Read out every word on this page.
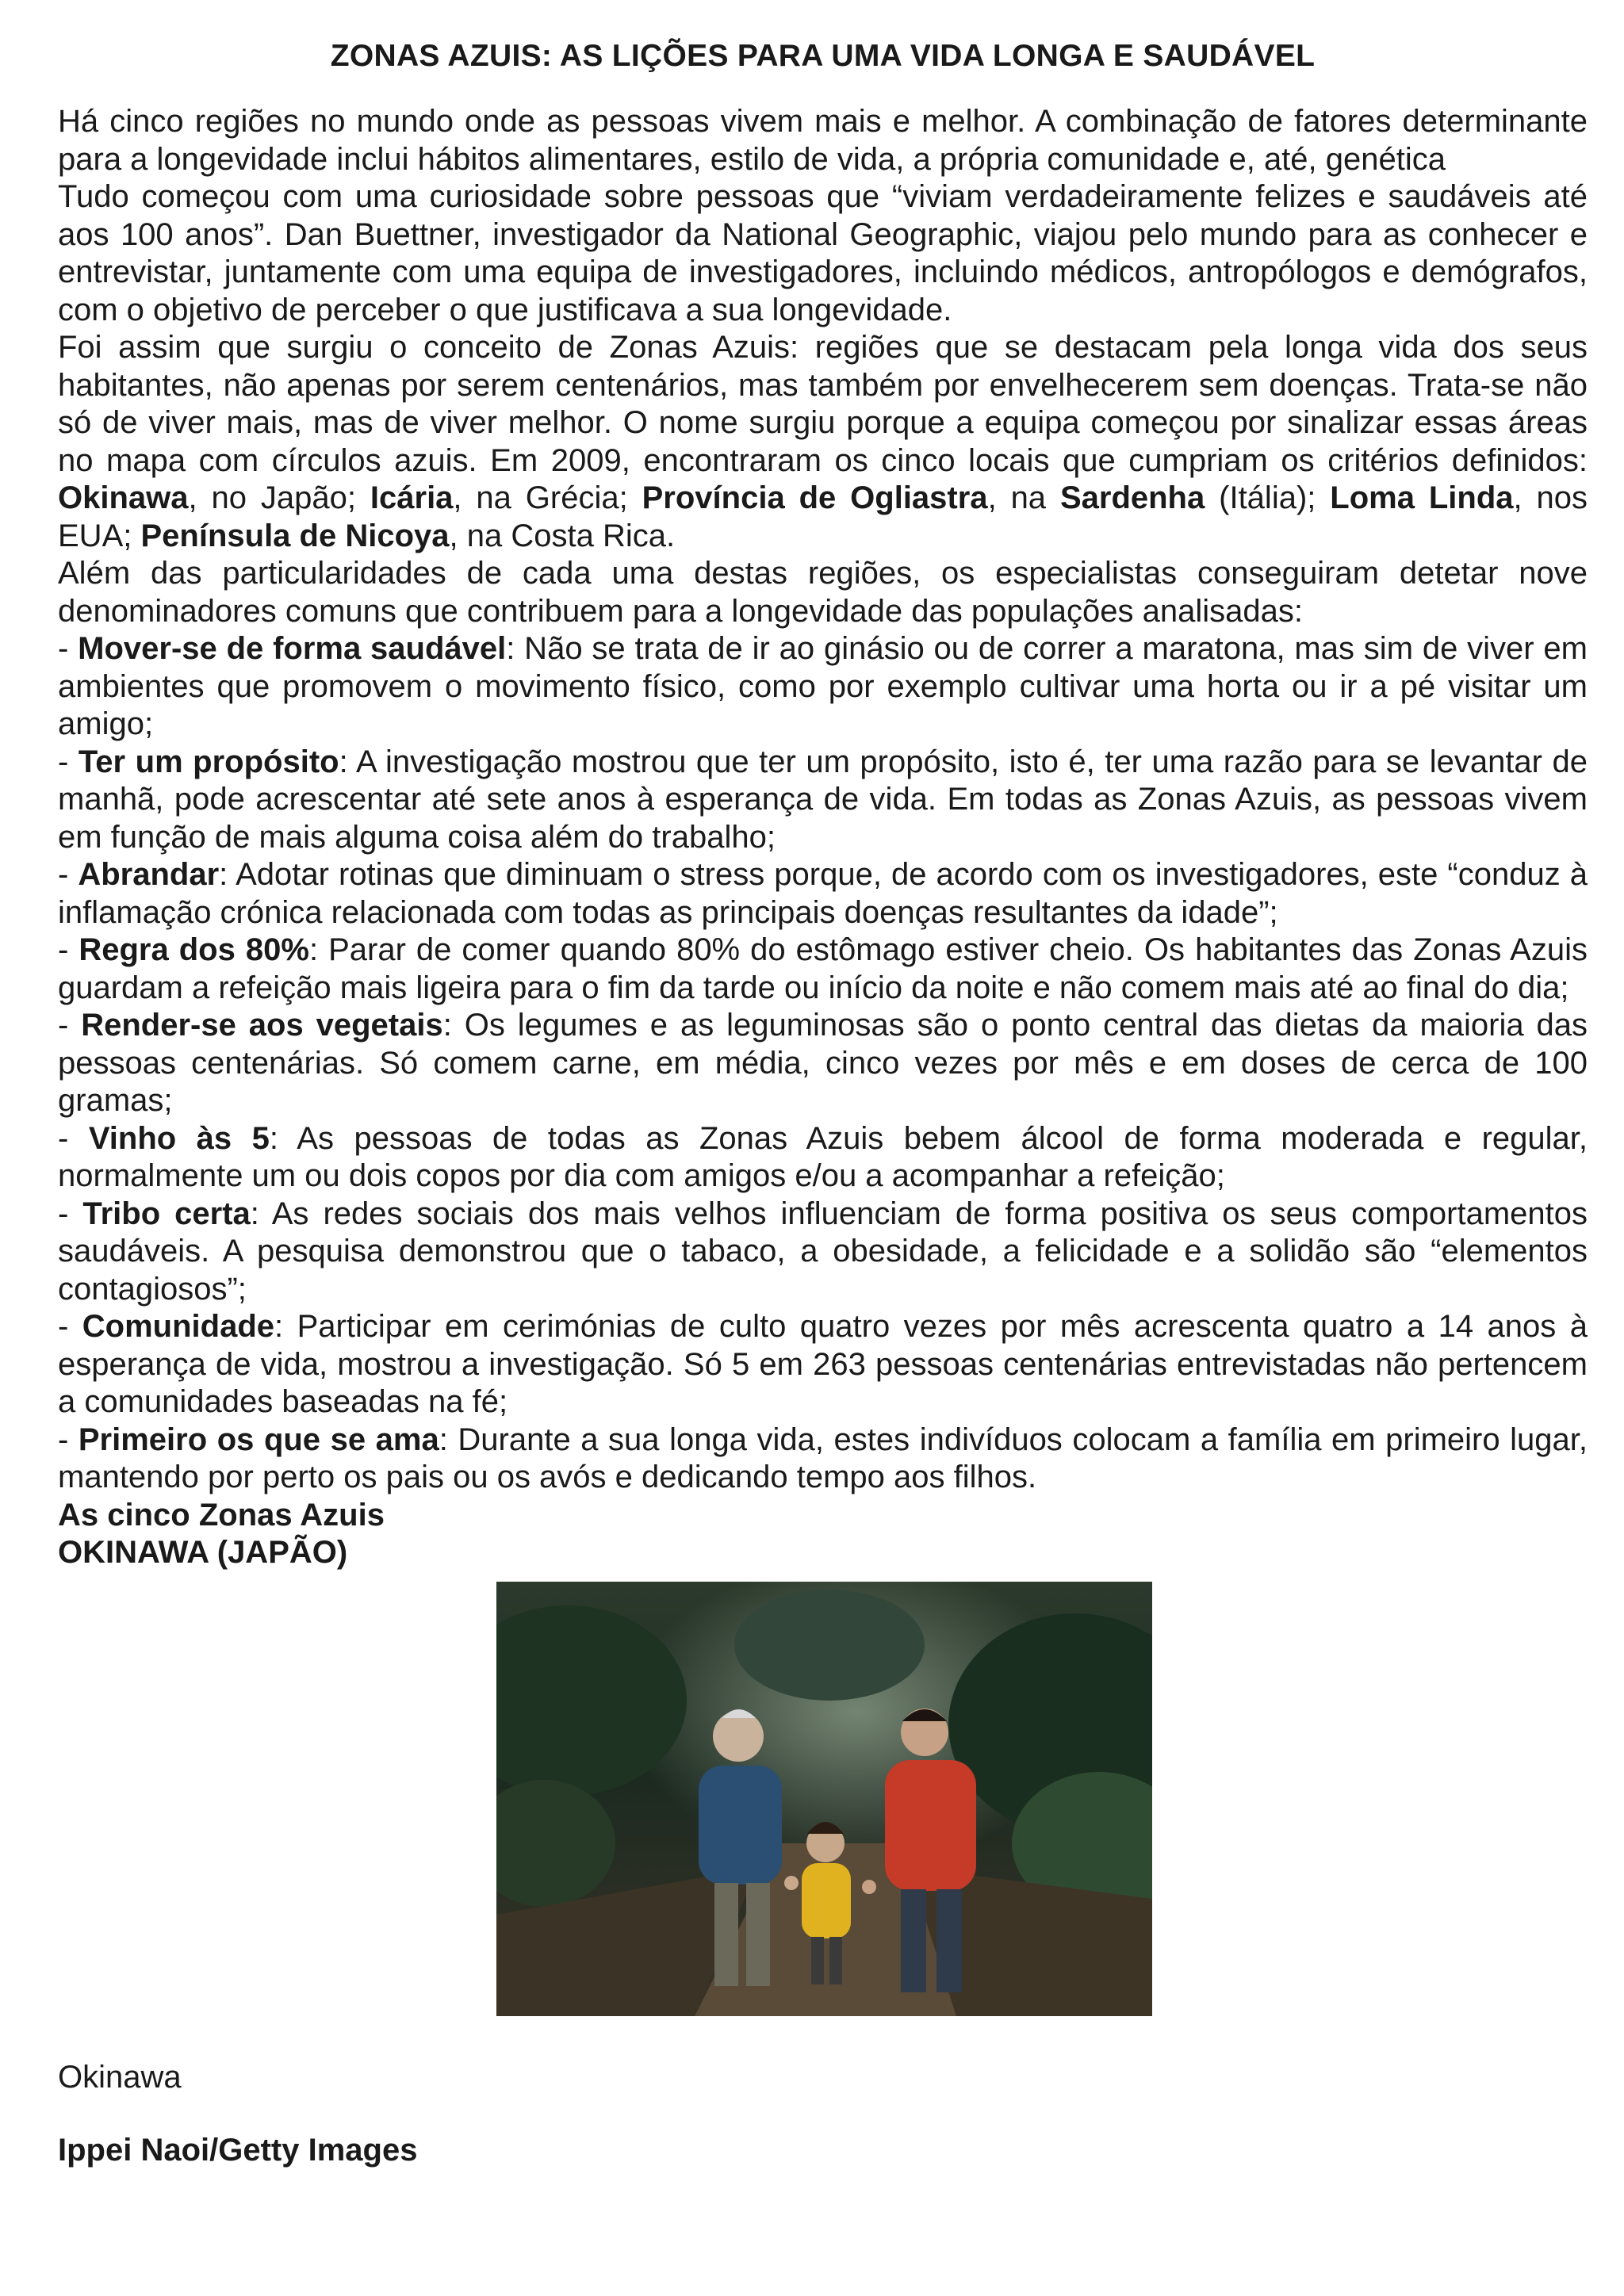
ZONAS AZUIS: AS LIÇÕES PARA UMA VIDA LONGA E SAUDÁVEL

Há cinco regiões no mundo onde as pessoas vivem mais e melhor. A combinação de fatores determinante para a longevidade inclui hábitos alimentares, estilo de vida, a própria comunidade e, até, genética

Tudo começou com uma curiosidade sobre pessoas que “viviam verdadeiramente felizes e saudáveis até aos 100 anos”. Dan Buettner, investigador da National Geographic, viajou pelo mundo para as conhecer e entrevistar, juntamente com uma equipa de investigadores, incluindo médicos, antropólogos e demógrafos, com o objetivo de perceber o que justificava a sua longevidade.

Foi assim que surgiu o conceito de Zonas Azuis: regiões que se destacam pela longa vida dos seus habitantes, não apenas por serem centenários, mas também por envelhecerem sem doenças. Trata-se não só de viver mais, mas de viver melhor. O nome surgiu porque a equipa começou por sinalizar essas áreas no mapa com círculos azuis. Em 2009, encontraram os cinco locais que cumpriam os critérios definidos: Okinawa, no Japão; Icária, na Grécia; Província de Ogliastra, na Sardenha (Itália); Loma Linda, nos EUA; Península de Nicoya, na Costa Rica.

Além das particularidades de cada uma destas regiões, os especialistas conseguiram detetar nove denominadores comuns que contribuem para a longevidade das populações analisadas:

- Mover-se de forma saudável: Não se trata de ir ao ginásio ou de correr a maratona, mas sim de viver em ambientes que promovem o movimento físico, como por exemplo cultivar uma horta ou ir a pé visitar um amigo;

- Ter um propósito: A investigação mostrou que ter um propósito, isto é, ter uma razão para se levantar de manhã, pode acrescentar até sete anos à esperança de vida. Em todas as Zonas Azuis, as pessoas vivem em função de mais alguma coisa além do trabalho;

- Abrandar: Adotar rotinas que diminuam o stress porque, de acordo com os investigadores, este “conduz à inflamação crónica relacionada com todas as principais doenças resultantes da idade”;

- Regra dos 80%: Parar de comer quando 80% do estômago estiver cheio. Os habitantes das Zonas Azuis guardam a refeição mais ligeira para o fim da tarde ou início da noite e não comem mais até ao final do dia;

- Render-se aos vegetais: Os legumes e as leguminosas são o ponto central das dietas da maioria das pessoas centenárias. Só comem carne, em média, cinco vezes por mês e em doses de cerca de 100 gramas;

- Vinho às 5: As pessoas de todas as Zonas Azuis bebem álcool de forma moderada e regular, normalmente um ou dois copos por dia com amigos e/ou a acompanhar a refeição;

- Tribo certa: As redes sociais dos mais velhos influenciam de forma positiva os seus comportamentos saudáveis. A pesquisa demonstrou que o tabaco, a obesidade, a felicidade e a solidão são “elementos contagiosos”;

- Comunidade: Participar em cerimónias de culto quatro vezes por mês acrescenta quatro a 14 anos à esperança de vida, mostrou a investigação. Só 5 em 263 pessoas centenárias entrevistadas não pertencem a comunidades baseadas na fé;

- Primeiro os que se ama: Durante a sua longa vida, estes indivíduos colocam a família em primeiro lugar, mantendo por perto os pais ou os avós e dedicando tempo aos filhos.

As cinco Zonas Azuis

OKINAWA (JAPÃO)

Okinawa

Ippei Naoi/Getty Images
